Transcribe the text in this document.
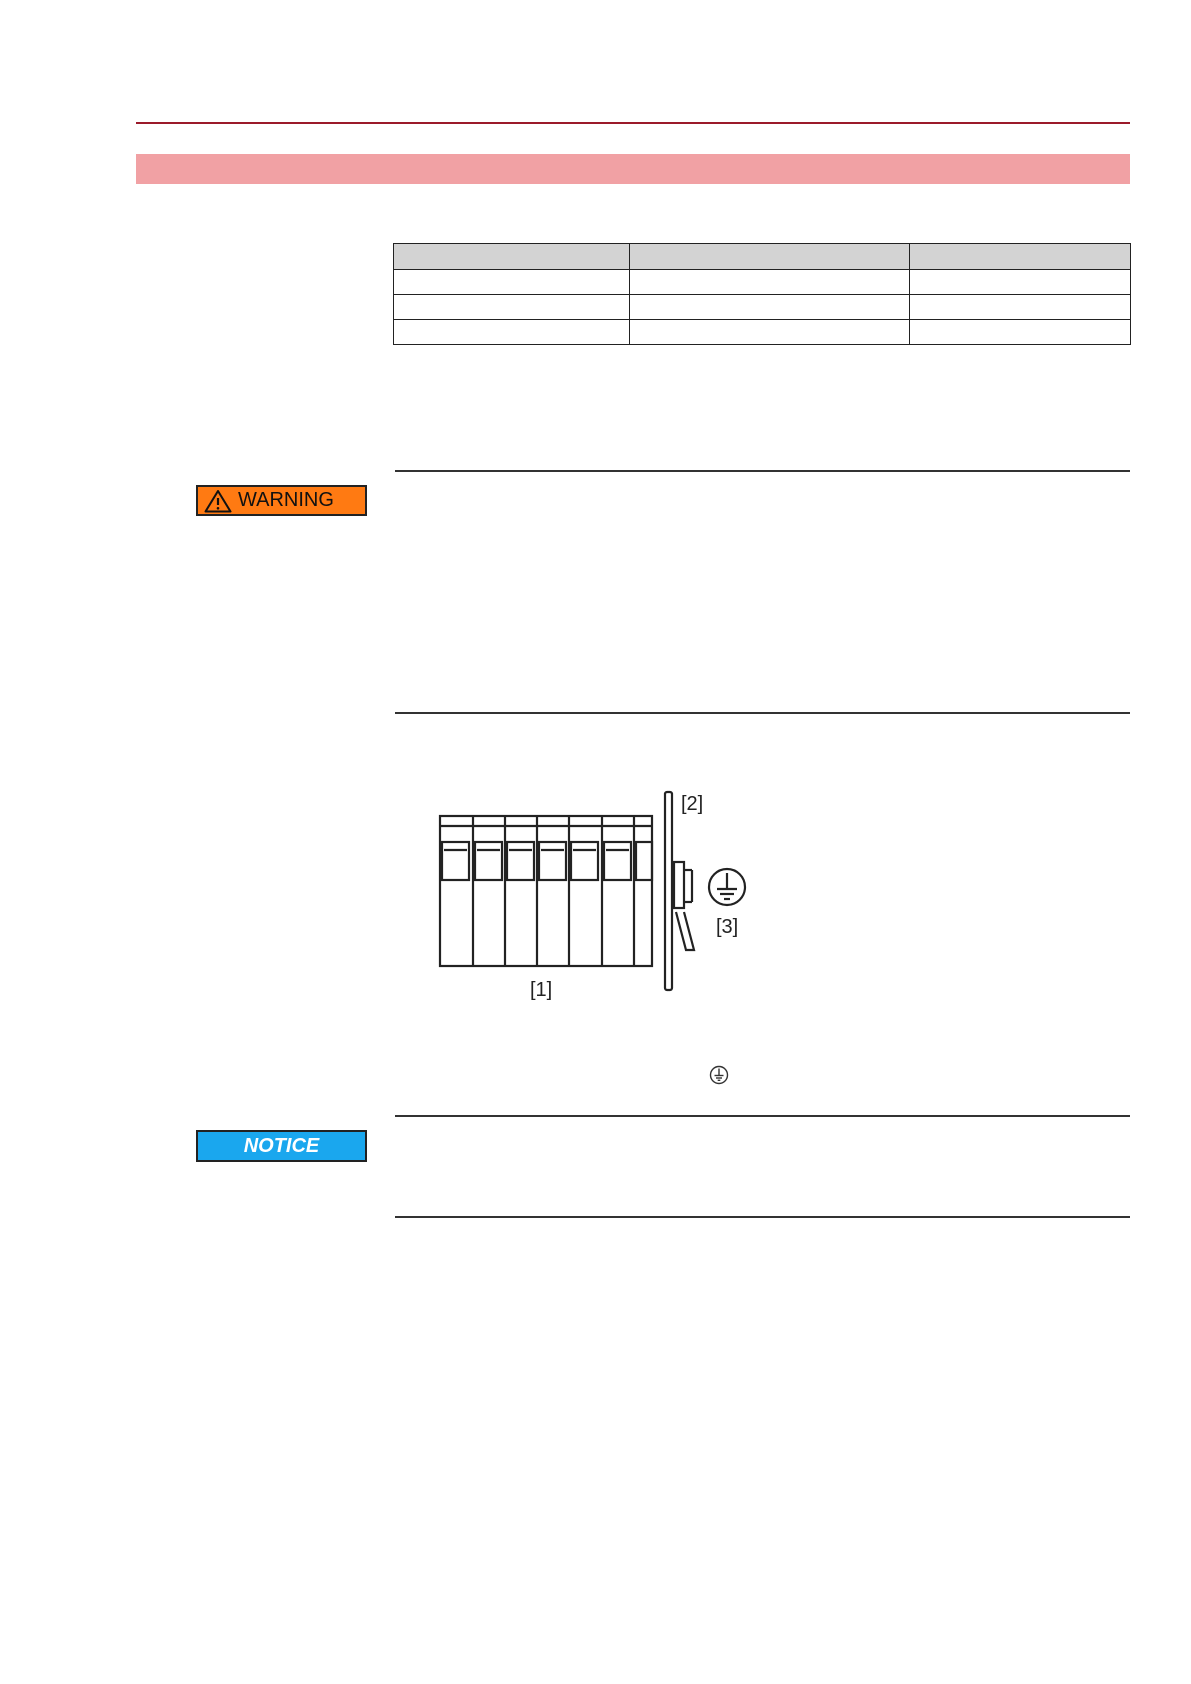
WARNING
[2]
[3]
[1]
NOTICE
